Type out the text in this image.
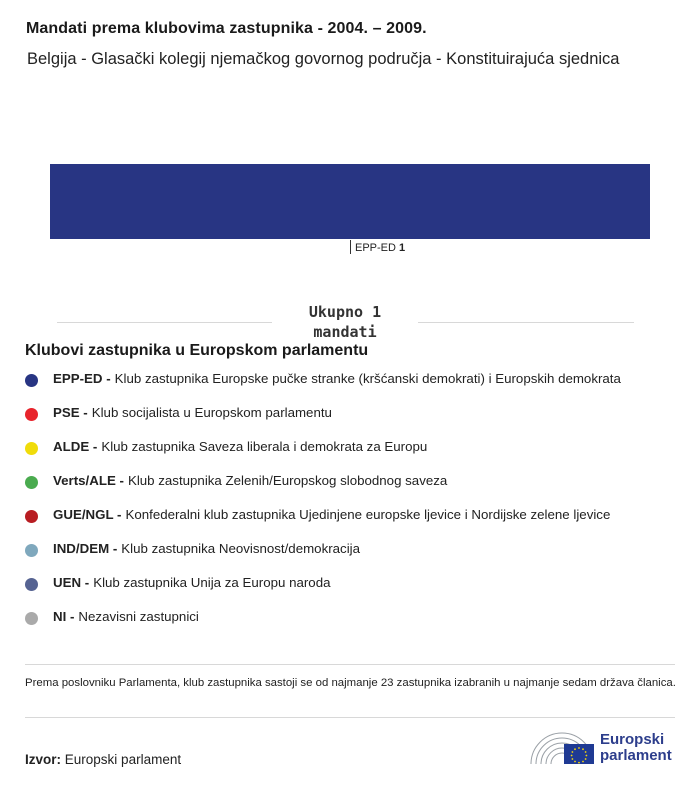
Mandati prema klubovima zastupnika - 2004. – 2009.
Belgija - Glasački kolegij njemačkog govornog područja - Konstituirajuća sjednica
EPP-ED 1
Ukupno 1
mandati
Klubovi zastupnika u Europskom parlamentu
EPP-ED - Klub zastupnika Europske pučke stranke (kršćanski demokrati) i Europskih demokrata
PSE - Klub socijalista u Europskom parlamentu
ALDE - Klub zastupnika Saveza liberala i demokrata za Europu
Verts/ALE - Klub zastupnika Zelenih/Europskog slobodnog saveza
GUE/NGL - Konfederalni klub zastupnika Ujedinjene europske ljevice i Nordijske zelene ljevice
IND/DEM - Klub zastupnika Neovisnost/demokracija
UEN - Klub zastupnika Unija za Europu naroda
NI - Nezavisni zastupnici
Prema poslovniku Parlamenta, klub zastupnika sastoji se od najmanje 23 zastupnika izabranih u najmanje sedam država članica.
Izvor: Europski parlament
Europski
parlament
